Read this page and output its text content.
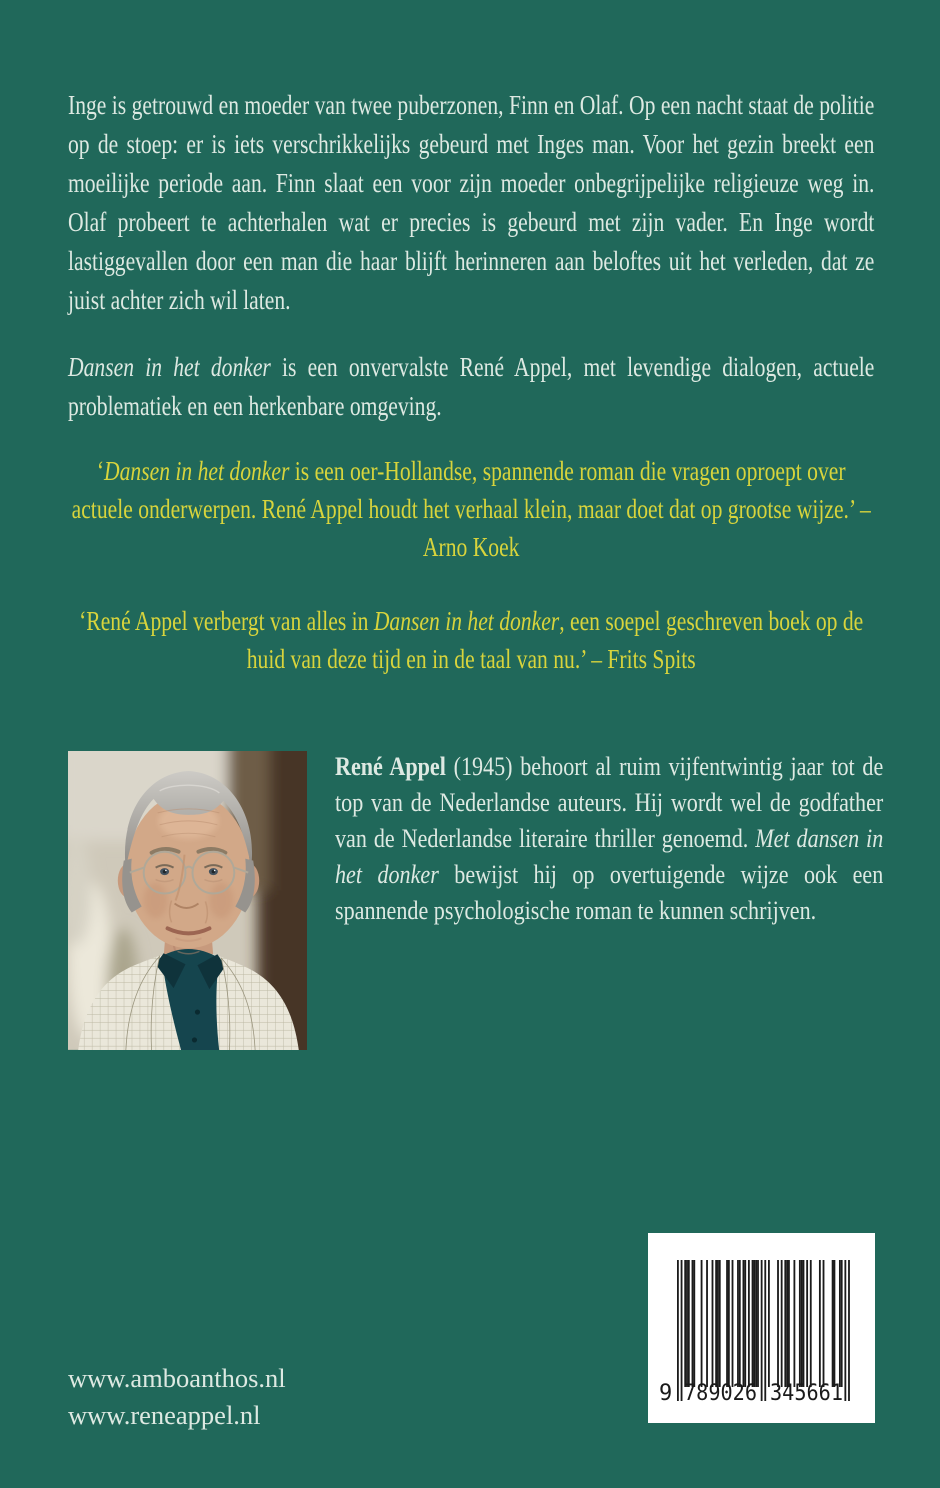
Inge is getrouwd en moeder van twee puberzonen, Finn en Olaf. Op een nacht staat de politie op de stoep: er is iets verschrikkelijks gebeurd met Inges man. Voor het gezin breekt een moeilijke periode aan. Finn slaat een voor zijn moeder onbegrijpelijke religieuze weg in. Olaf probeert te achterhalen wat er precies is gebeurd met zijn vader. En Inge wordt lastiggevallen door een man die haar blijft herinneren aan beloftes uit het verleden, dat ze juist achter zich wil laten.

Dansen in het donker is een onvervalste René Appel, met levendige dialogen, actuele problematiek en een herkenbare omgeving.

‘Dansen in het donker is een oer-Hollandse, spannende roman die vragen oproept over actuele onderwerpen. René Appel houdt het verhaal klein, maar doet dat op grootse wijze.’ – Arno Koek

‘René Appel verbergt van alles in Dansen in het donker, een soepel geschreven boek op de huid van deze tijd en in de taal van nu.’ – Frits Spits

René Appel (1945) behoort al ruim vijfentwintig jaar tot de top van de Nederlandse auteurs. Hij wordt wel de godfather van de Nederlandse literaire thriller genoemd. Met dansen in het donker bewijst hij op overtuigende wijze ook een spannende psychologische roman te kunnen schrijven.

9 789026 345661
www.amboanthos.nl
www.reneappel.nl
